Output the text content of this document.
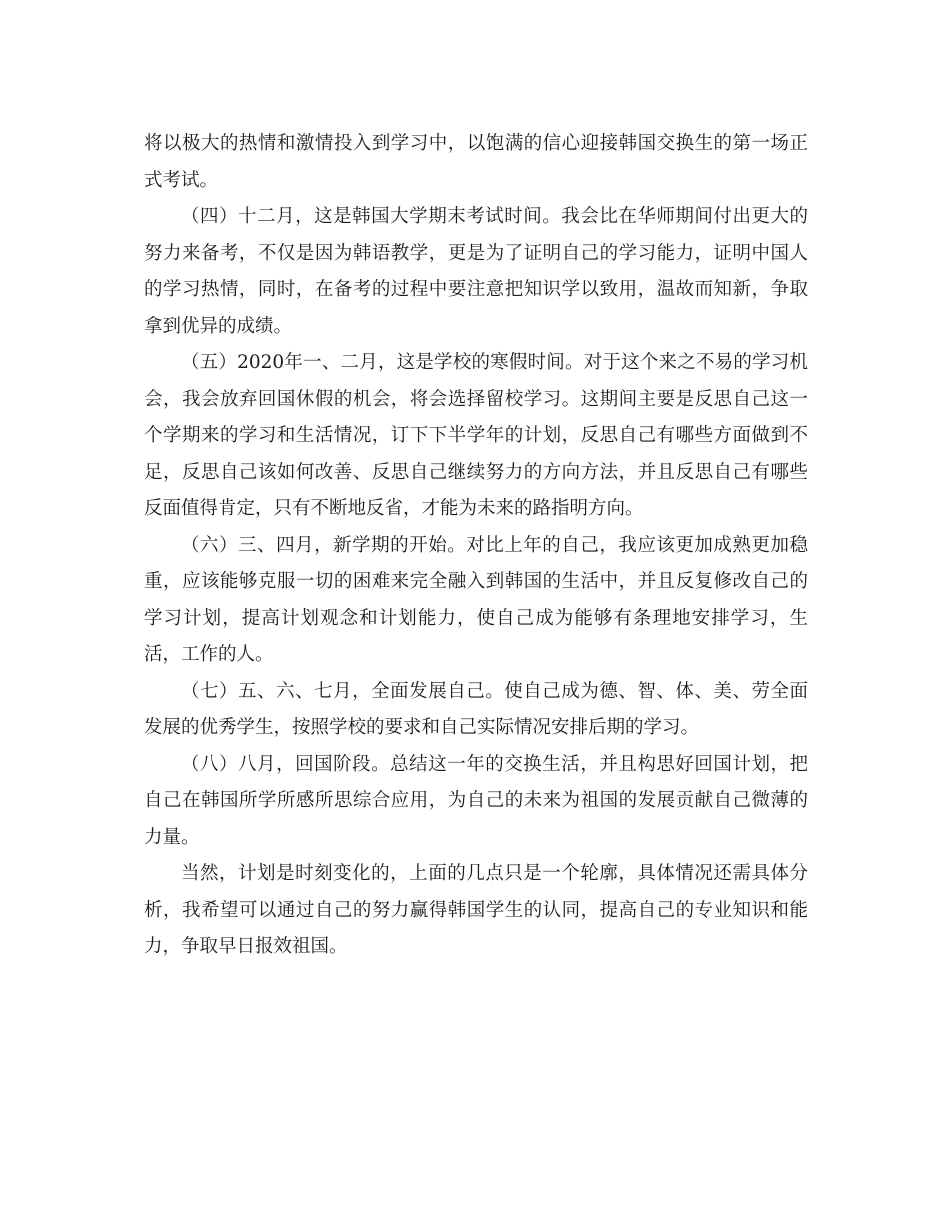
将以极大的热情和激情投入到学习中，以饱满的信心迎接韩国交换生的第一场正式考试。

（四）十二月，这是韩国大学期末考试时间。我会比在华师期间付出更大的努力来备考，不仅是因为韩语教学，更是为了证明自己的学习能力，证明中国人的学习热情，同时，在备考的过程中要注意把知识学以致用，温故而知新，争取拿到优异的成绩。

（五）2020年一、二月，这是学校的寒假时间。对于这个来之不易的学习机会，我会放弃回国休假的机会，将会选择留校学习。这期间主要是反思自己这一个学期来的学习和生活情况，订下下半学年的计划，反思自己有哪些方面做到不足，反思自己该如何改善、反思自己继续努力的方向方法，并且反思自己有哪些反面值得肯定，只有不断地反省，才能为未来的路指明方向。

（六）三、四月，新学期的开始。对比上年的自己，我应该更加成熟更加稳重，应该能够克服一切的困难来完全融入到韩国的生活中，并且反复修改自己的学习计划，提高计划观念和计划能力，使自己成为能够有条理地安排学习，生活，工作的人。

（七）五、六、七月，全面发展自己。使自己成为德、智、体、美、劳全面发展的优秀学生，按照学校的要求和自己实际情况安排后期的学习。

（八）八月，回国阶段。总结这一年的交换生活，并且构思好回国计划，把自己在韩国所学所感所思综合应用，为自己的未来为祖国的发展贡献自己微薄的力量。

当然，计划是时刻变化的，上面的几点只是一个轮廓，具体情况还需具体分析，我希望可以通过自己的努力赢得韩国学生的认同，提高自己的专业知识和能力，争取早日报效祖国。
